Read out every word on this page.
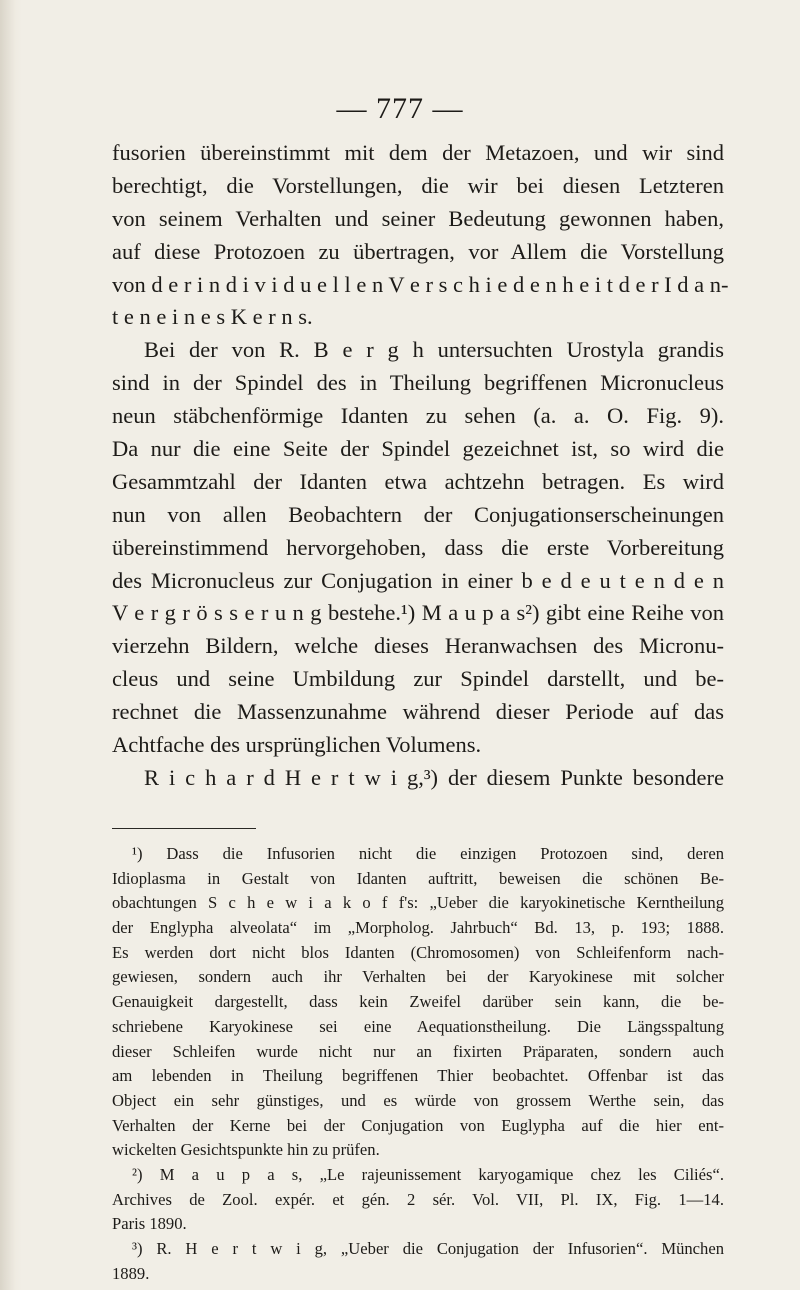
— 777 —
fusorien übereinstimmt mit dem der Metazoen, und wir sind
berechtigt, die Vorstellungen, die wir bei diesen Letzteren
von seinem Verhalten und seiner Bedeutung gewonnen haben,
auf diese Protozoen zu übertragen, vor Allem die Vorstellung
von d e r i n d i v i d u e l l e n V e r s c h i e d e n h e i t d e r I d a n-
t e n e i n e s K e r n s.
Bei der von R. B e r g h untersuchten Urostyla grandis
sind in der Spindel des in Theilung begriffenen Micronucleus
neun stäbchenförmige Idanten zu sehen (a. a. O. Fig. 9).
Da nur die eine Seite der Spindel gezeichnet ist, so wird die
Gesammtzahl der Idanten etwa achtzehn betragen. Es wird
nun von allen Beobachtern der Conjugationserscheinungen
übereinstimmend hervorgehoben, dass die erste Vorbereitung
des Micronucleus zur Conjugation in einer b e d e u t e n d e n
V e r g r ö s s e r u n g bestehe.¹) M a u p a s²) gibt eine Reihe von
vierzehn Bildern, welche dieses Heranwachsen des Micronu-
cleus und seine Umbildung zur Spindel darstellt, und be-
rechnet die Massenzunahme während dieser Periode auf das
Achtfache des ursprünglichen Volumens.
R i c h a r d H e r t w i g,³) der diesem Punkte besondere
¹) Dass die Infusorien nicht die einzigen Protozoen sind, deren
Idioplasma in Gestalt von Idanten auftritt, beweisen die schönen Be-
obachtungen S c h e w i a k o f f's: „Ueber die karyokinetische Kerntheilung
der Englypha alveolata“ im „Morpholog. Jahrbuch“ Bd. 13, p. 193; 1888.
Es werden dort nicht blos Idanten (Chromosomen) von Schleifenform nach-
gewiesen, sondern auch ihr Verhalten bei der Karyokinese mit solcher
Genauigkeit dargestellt, dass kein Zweifel darüber sein kann, die be-
schriebene Karyokinese sei eine Aequationstheilung. Die Längsspaltung
dieser Schleifen wurde nicht nur an fixirten Präparaten, sondern auch
am lebenden in Theilung begriffenen Thier beobachtet. Offenbar ist das
Object ein sehr günstiges, und es würde von grossem Werthe sein, das
Verhalten der Kerne bei der Conjugation von Euglypha auf die hier ent-
wickelten Gesichtspunkte hin zu prüfen.
²) M a u p a s, „Le rajeunissement karyogamique chez les Ciliés“.
Archives de Zool. expér. et gén. 2 sér. Vol. VII, Pl. IX, Fig. 1—14.
Paris 1890.
³) R. H e r t w i g, „Ueber die Conjugation der Infusorien“. München
1889.
